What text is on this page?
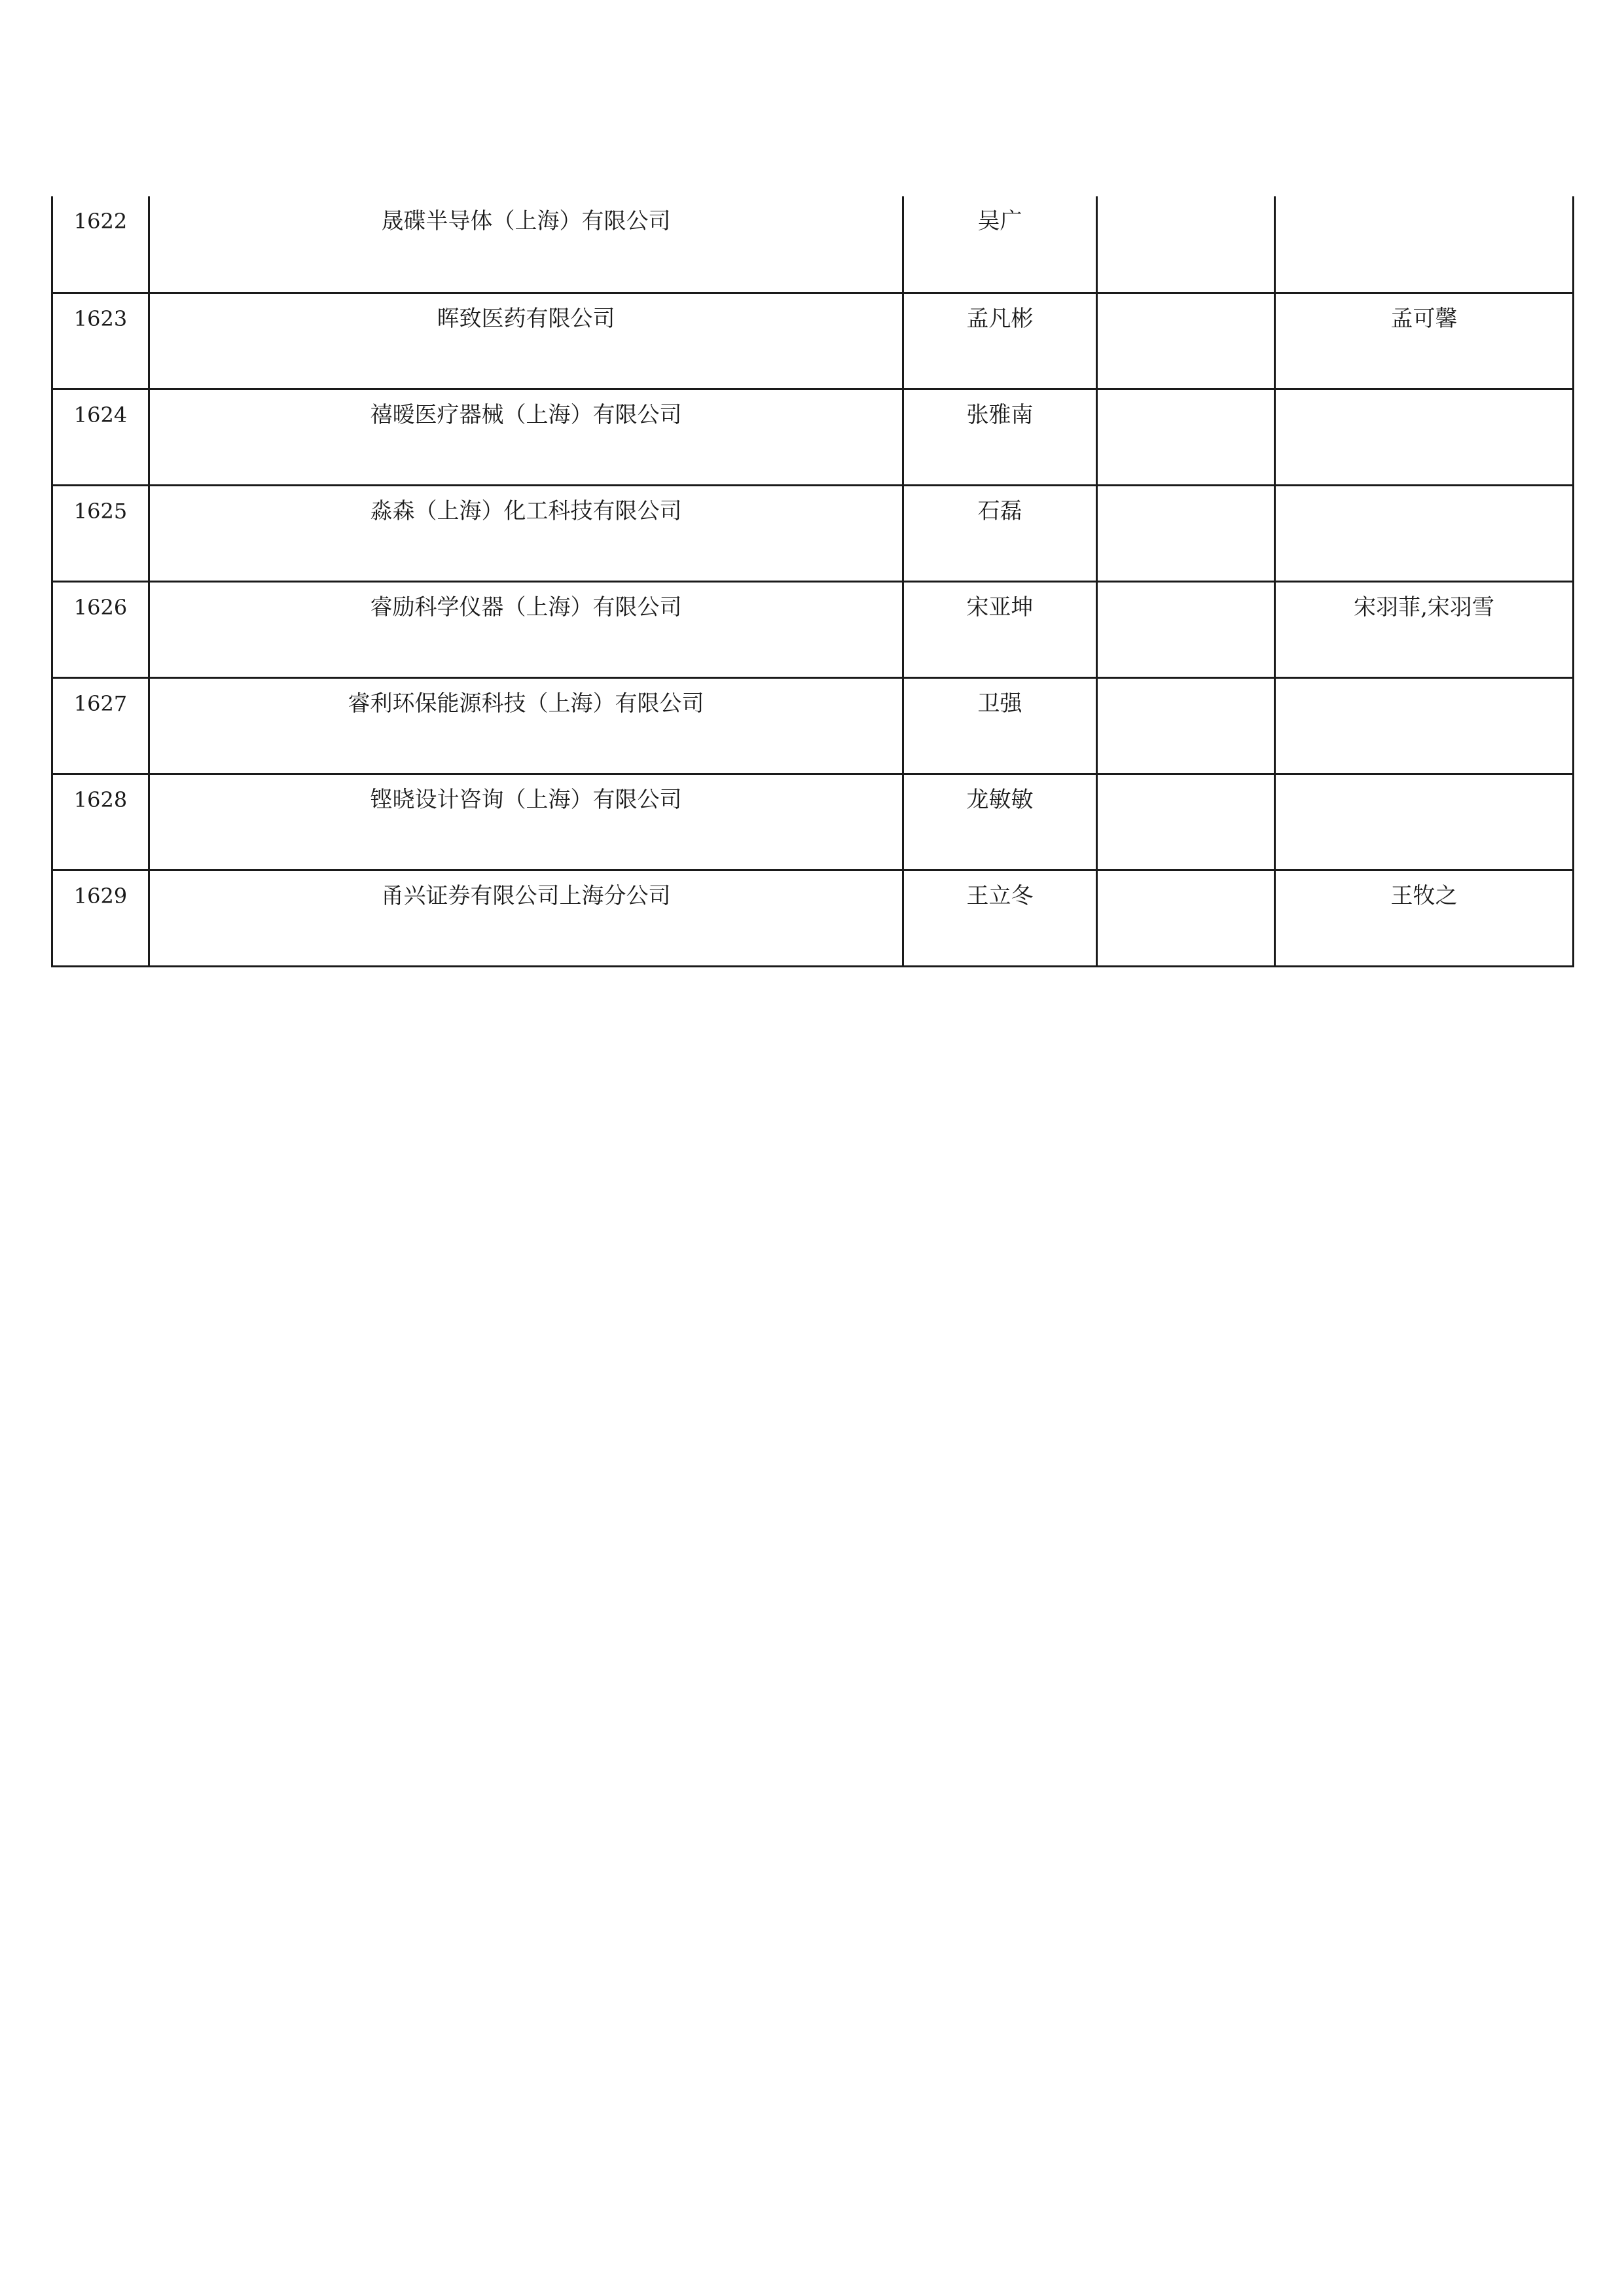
1622	晟碟半导体（上海）有限公司	吴广		

1623	晖致医药有限公司	孟凡彬		孟可馨

1624	禧暧医疗器械（上海）有限公司	张雅南		

1625	淼森（上海）化工科技有限公司	石磊		

1626	睿励科学仪器（上海）有限公司	宋亚坤		宋羽菲,宋羽雪

1627	睿利环保能源科技（上海）有限公司	卫强		

1628	铿晓设计咨询（上海）有限公司	龙敏敏		

1629	甬兴证券有限公司上海分公司	王立冬		王牧之
